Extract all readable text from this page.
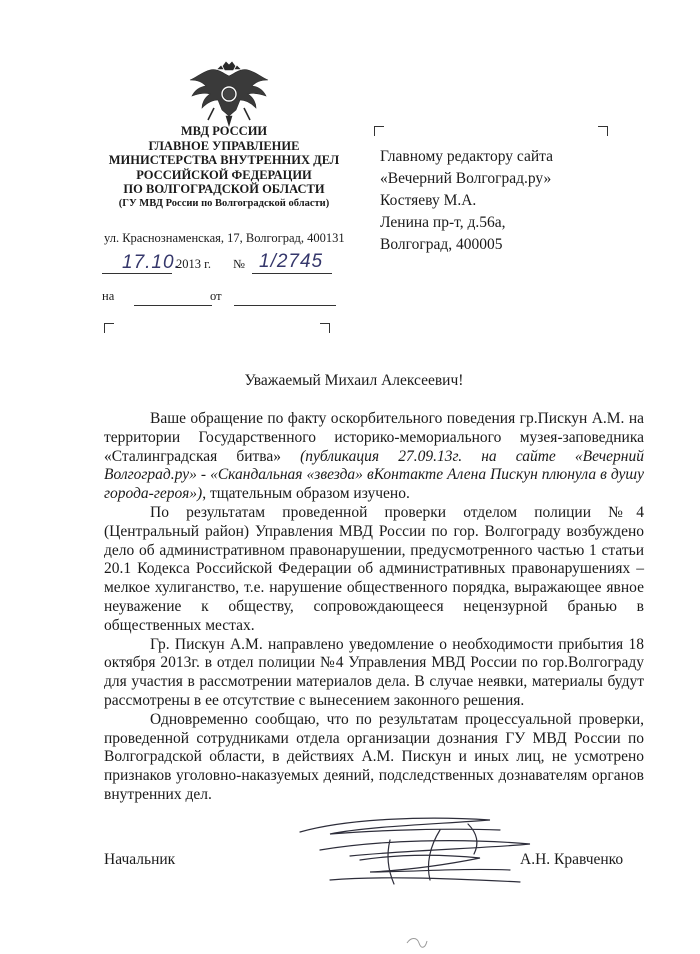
МВД РОССИИ
ГЛАВНОЕ УПРАВЛЕНИЕ
МИНИСТЕРСТВА ВНУТРЕННИХ ДЕЛ
РОССИЙСКОЙ ФЕДЕРАЦИИ
ПО ВОЛГОГРАДСКОЙ ОБЛАСТИ
(ГУ МВД России по Волгоградской области)
ул. Краснознаменская, 17, Волгоград, 400131
17.10.
2013 г. № 1/2745
на	от
Главному редактору сайта
«Вечерний Волгоград.ру»
Костяеву М.А.
Ленина пр-т, д.56а,
Волгоград, 400005
Уважаемый Михаил Алексеевич!

Ваше обращение по факту оскорбительного поведения гр.Пискун А.М. на территории Государственного историко-мемориального музея-заповедника «Сталинградская битва» (публикация 27.09.13г. на сайте «Вечерний Волгоград.ру» - «Скандальная «звезда» вКонтакте Алена Пискун плюнула в душу города-героя»), тщательным образом изучено.

По результатам проведенной проверки отделом полиции №4 (Центральный район) Управления МВД России по гор. Волгограду возбуждено дело об административном правонарушении, предусмотренного частью 1 статьи 20.1 Кодекса Российской Федерации об административных правонарушениях – мелкое хулиганство, т.е. нарушение общественного порядка, выражающее явное неуважение к обществу, сопровождающееся нецензурной бранью в общественных местах.

Гр. Пискун А.М. направлено уведомление о необходимости прибытия 18 октября 2013г. в отдел полиции №4 Управления МВД России по гор.Волгограду для участия в рассмотрении материалов дела. В случае неявки, материалы будут рассмотрены в ее отсутствие с вынесением законного решения.

Одновременно сообщаю, что по результатам процессуальной проверки, проведенной сотрудниками отдела организации дознания ГУ МВД России по Волгоградской области, в действиях А.М. Пискун и иных лиц, не усмотрено признаков уголовно-наказуемых деяний, подследственных дознавателям органов внутренних дел.

Начальник	А.Н. Кравченко
